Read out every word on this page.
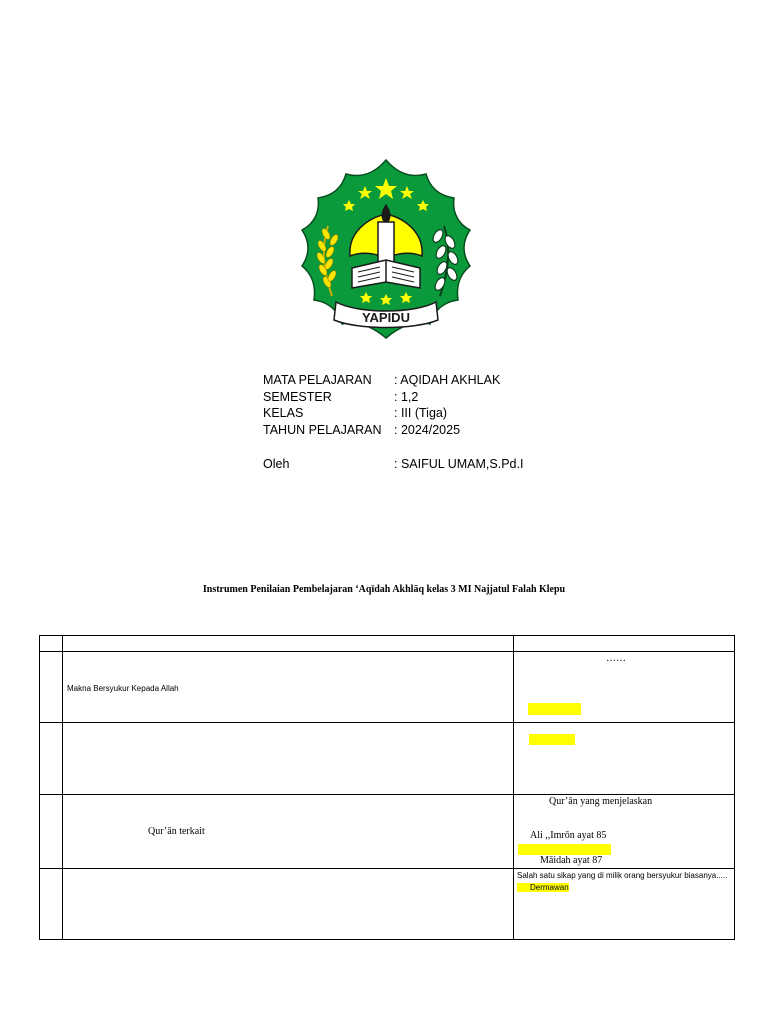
YAPIDU
MATA PELAJARAN : AQIDAH AKHLAK
SEMESTER	: 1,2
KELAS	: III (Tiga)
TAHUN PELAJARAN : 2024/2025
Oleh	: SAIFUL UMAM,S.Pd.I
Instrumen Penilaian Pembelajaran ‘Aqīdah Akhlāq kelas 3 MI Najjatul Falah Klepu

	Makna Bersyukur Kepada Allah	……

	Qur’ān terkait	Qur’ān yang menjelaskan
Ali ,,Imrōn ayat 85
Māidah ayat 87

		Salah satu sikap yang di milik orang bersyukur biasanya.....
Dermawan
